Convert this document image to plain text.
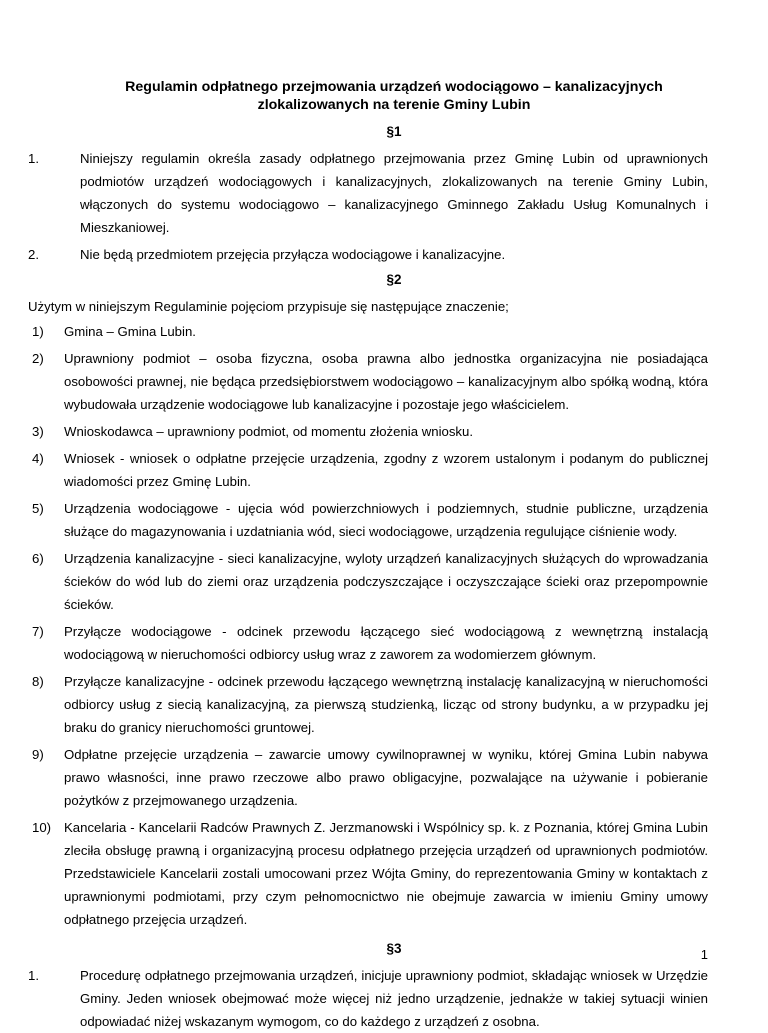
Regulamin odpłatnego przejmowania urządzeń wodociągowo – kanalizacyjnych
zlokalizowanych na terenie Gminy Lubin
§1
1.	Niniejszy regulamin określa zasady odpłatnego przejmowania przez Gminę Lubin od uprawnionych podmiotów urządzeń wodociągowych i kanalizacyjnych, zlokalizowanych na terenie Gminy Lubin, włączonych do systemu wodociągowo – kanalizacyjnego Gminnego Zakładu Usług Komunalnych i Mieszkaniowej.
2.	Nie będą przedmiotem przejęcia przyłącza wodociągowe i kanalizacyjne.
§2
Użytym w niniejszym Regulaminie pojęciom przypisuje się następujące znaczenie;
1) Gmina – Gmina Lubin.
2) Uprawniony podmiot – osoba fizyczna, osoba prawna albo jednostka organizacyjna nie posiadająca osobowości prawnej, nie będąca przedsiębiorstwem wodociągowo – kanalizacyjnym albo spółką wodną, która wybudowała urządzenie wodociągowe lub kanalizacyjne i pozostaje jego właścicielem.
3) Wnioskodawca – uprawniony podmiot, od momentu złożenia wniosku.
4) Wniosek - wniosek o odpłatne przejęcie urządzenia, zgodny z wzorem ustalonym i podanym do publicznej wiadomości przez Gminę Lubin.
5) Urządzenia wodociągowe - ujęcia wód powierzchniowych i podziemnych, studnie publiczne, urządzenia służące do magazynowania i uzdatniania wód, sieci wodociągowe, urządzenia regulujące ciśnienie wody.
6) Urządzenia kanalizacyjne - sieci kanalizacyjne, wyloty urządzeń kanalizacyjnych służących do wprowadzania ścieków do wód lub do ziemi oraz urządzenia podczyszczające i oczyszczające ścieki oraz przepompownie ścieków.
7) Przyłącze wodociągowe - odcinek przewodu łączącego sieć wodociągową z wewnętrzną instalacją wodociągową w nieruchomości odbiorcy usług wraz z zaworem za wodomierzem głównym.
8) Przyłącze kanalizacyjne - odcinek przewodu łączącego wewnętrzną instalację kanalizacyjną w nieruchomości odbiorcy usług z siecią kanalizacyjną, za pierwszą studzienką, licząc od strony budynku, a w przypadku jej braku do granicy nieruchomości gruntowej.
9) Odpłatne przejęcie urządzenia – zawarcie umowy cywilnoprawnej w wyniku, której Gmina Lubin nabywa prawo własności, inne prawo rzeczowe albo prawo obligacyjne, pozwalające na używanie i pobieranie pożytków z przejmowanego urządzenia.
10) Kancelaria - Kancelarii Radców Prawnych Z. Jerzmanowski i Wspólnicy sp. k. z Poznania, której Gmina Lubin zleciła obsługę prawną i organizacyjną procesu odpłatnego przejęcia urządzeń od uprawnionych podmiotów. Przedstawiciele Kancelarii zostali umocowani przez Wójta Gminy, do reprezentowania Gminy w kontaktach z uprawnionymi podmiotami, przy czym pełnomocnictwo nie obejmuje zawarcia w imieniu Gminy umowy odpłatnego przejęcia urządzeń.
§3
1.	Procedurę odpłatnego przejmowania urządzeń, inicjuje uprawniony podmiot, składając wniosek w Urzędzie Gminy. Jeden wniosek obejmować może więcej niż jedno urządzenie, jednakże w takiej sytuacji winien odpowiadać niżej wskazanym wymogom, co do każdego z urządzeń z osobna.
1
